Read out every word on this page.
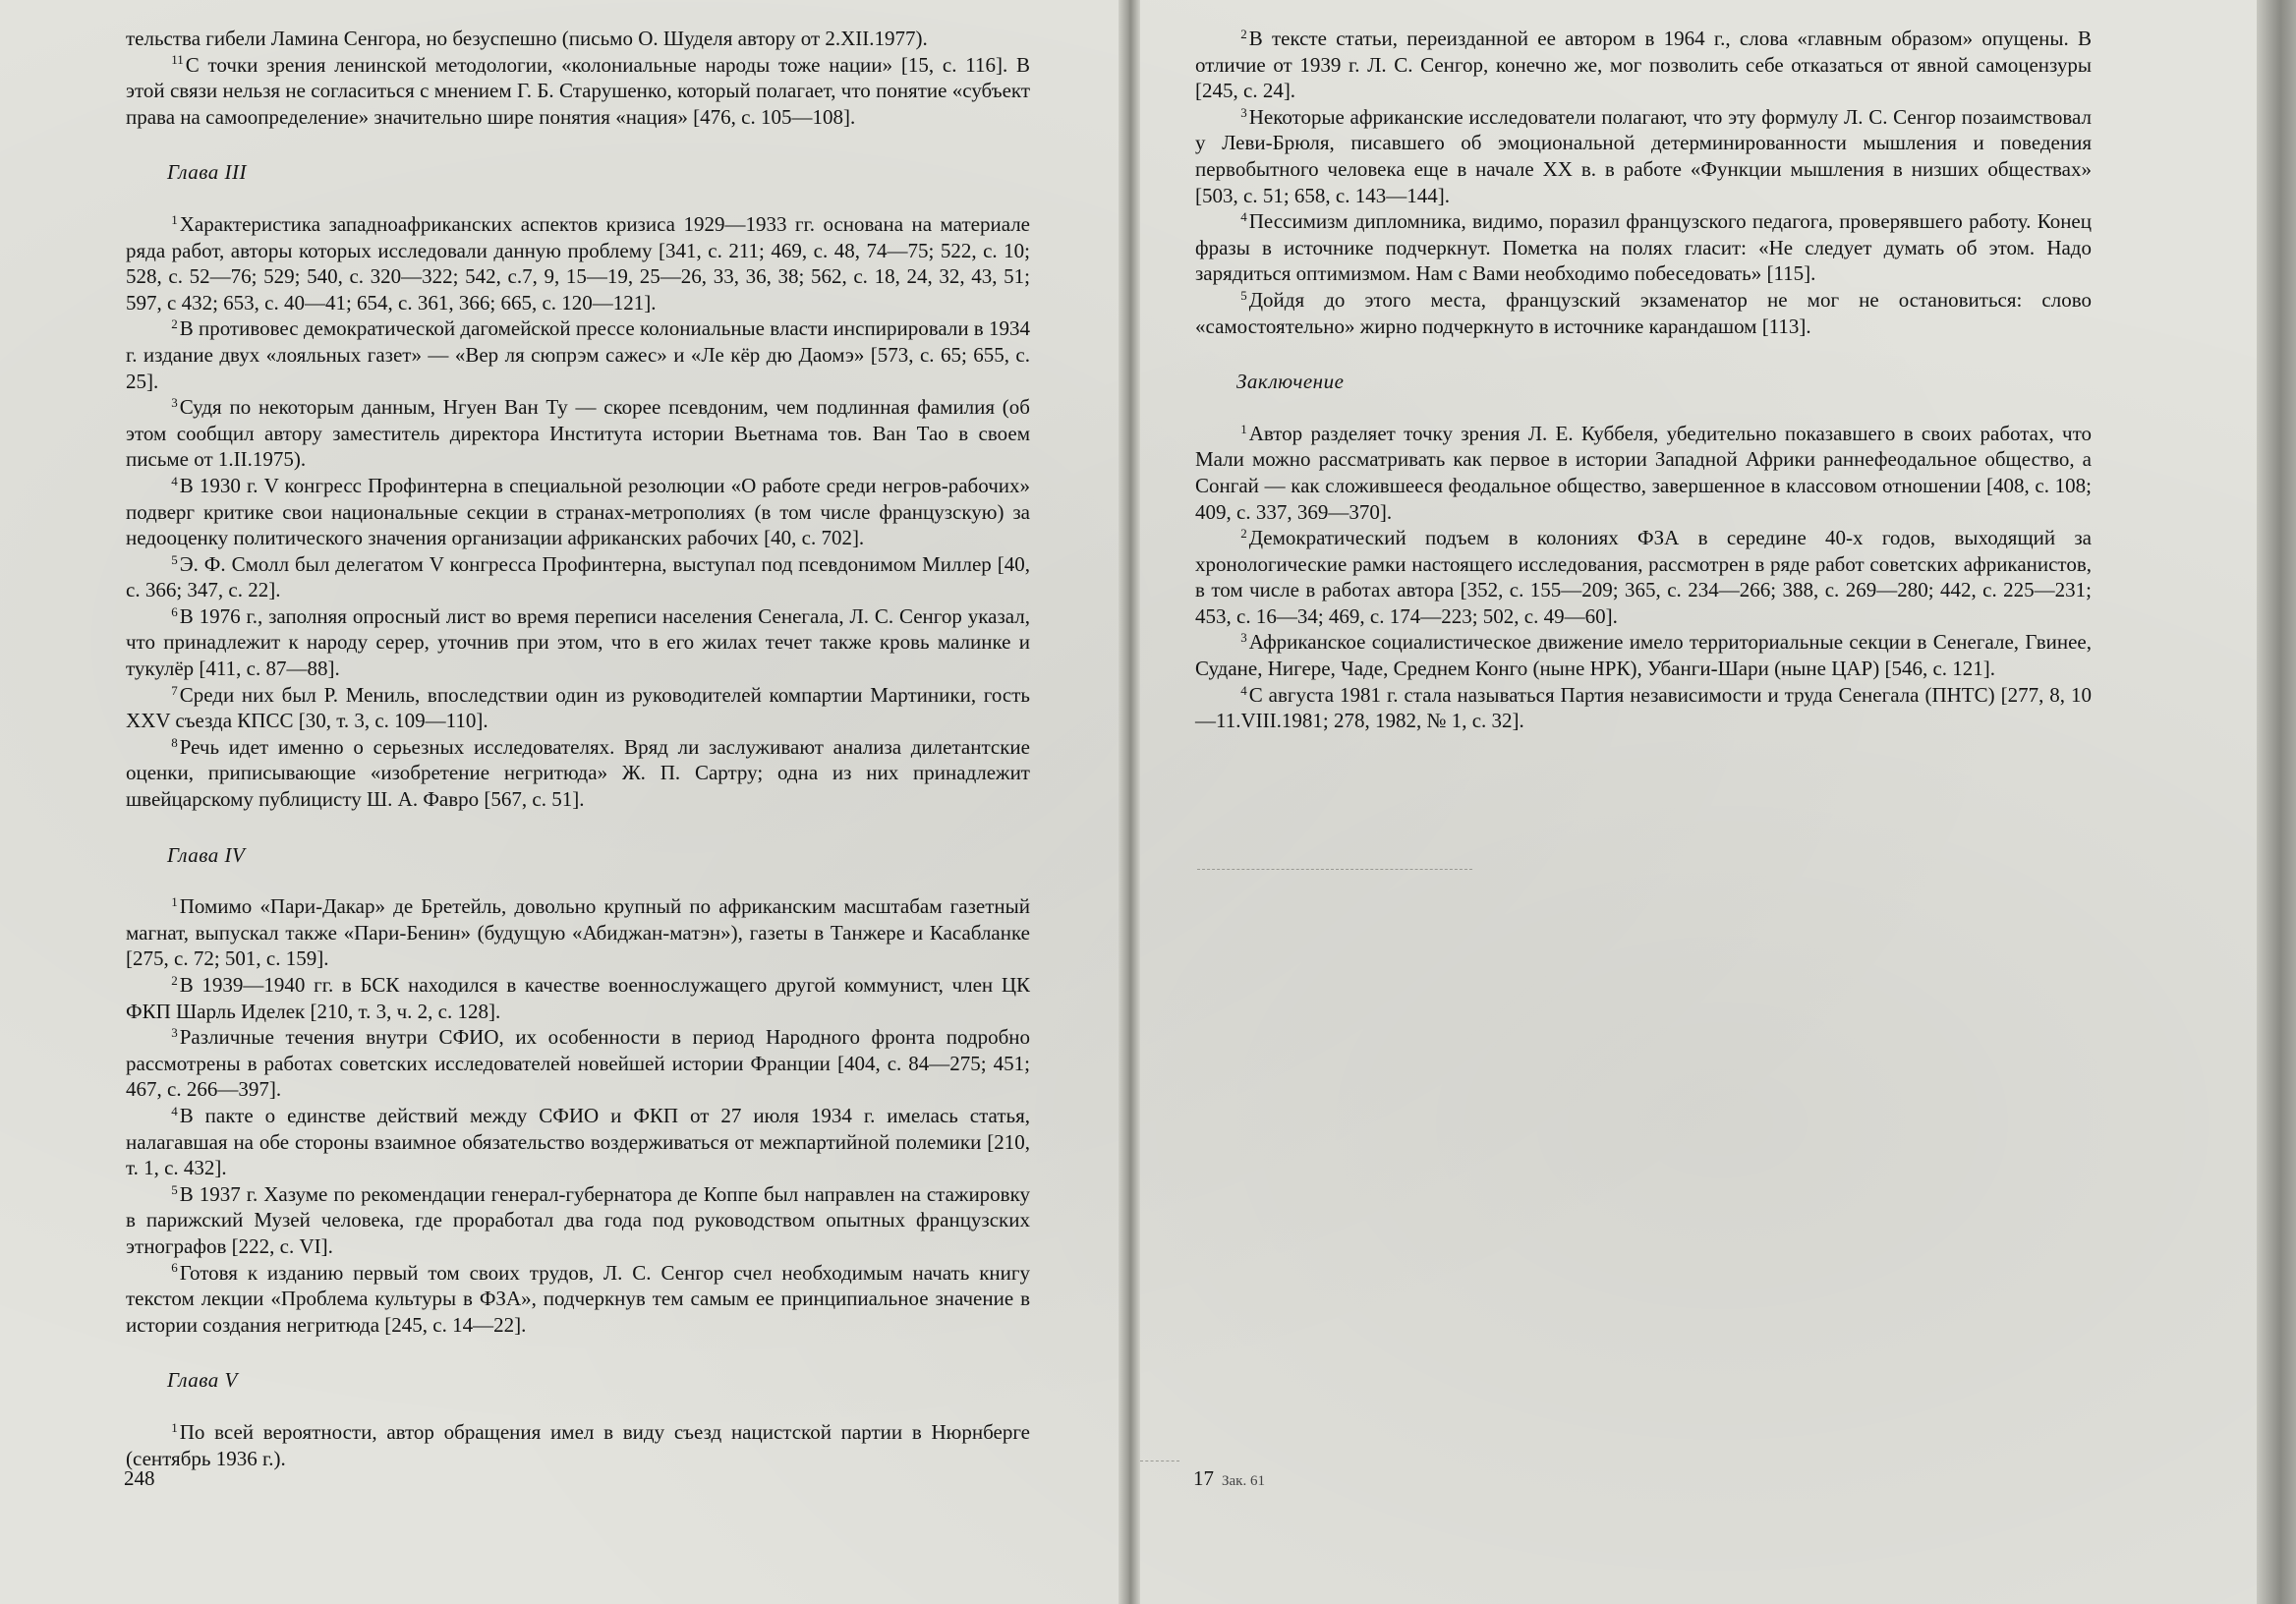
тельства гибели Ламина Сенгора, но безуспешно (письмо О. Шуделя автору от 2.XII.1977).

$^{11}$С точки зрения ленинской методологии, «колониальные народы тоже нации» [15, с. 116]. В этой связи нельзя не согласиться с мнением Г. Б. Старушенко, который полагает, что понятие «субъект права на самоопределение» значительно шире понятия «нация» [476, с. 105—108].

Глава III

$^1$Характеристика западноафриканских аспектов кризиса 1929—1933 гг. основана на материале ряда работ, авторы которых исследовали данную проблему [341, с. 211; 469, с. 48, 74—75; 522, с. 10; 528, с. 52—76; 529; 540, с. 320—322; 542, с.7, 9, 15—19, 25—26, 33, 36, 38; 562, с. 18, 24, 32, 43, 51; 597, с 432; 653, с. 40—41; 654, с. 361, 366; 665, с. 120—121].

$^2$В противовес демократической дагомейской прессе колониальные власти инспирировали в 1934 г. издание двух «лояльных газет» — «Вер ля сюпрэм сажес» и «Ле кёр дю Даомэ» [573, с. 65; 655, с. 25].

$^3$Судя по некоторым данным, Нгуен Ван Ту — скорее псевдоним, чем подлинная фамилия (об этом сообщил автору заместитель директора Института истории Вьетнама тов. Ван Тао в своем письме от 1.II.1975).

$^4$В 1930 г. V конгресс Профинтерна в специальной резолюции «О работе среди негров-рабочих» подверг критике свои национальные секции в странах-метрополиях (в том числе французскую) за недооценку политического значения организации африканских рабочих [40, с. 702].

$^5$Э. Ф. Смолл был делегатом V конгресса Профинтерна, выступал под псевдонимом Миллер [40, с. 366; 347, с. 22].

$^6$В 1976 г., заполняя опросный лист во время переписи населения Сенегала, Л. С. Сенгор указал, что принадлежит к народу серер, уточнив при этом, что в его жилах течет также кровь малинке и тукулёр [411, с. 87—88].

$^7$Среди них был Р. Мениль, впоследствии один из руководителей компартии Мартиники, гость XXV съезда КПСС [30, т. 3, с. 109—110].

$^8$Речь идет именно о серьезных исследователях. Вряд ли заслуживают анализа дилетантские оценки, приписывающие «изобретение негритюда» Ж. П. Сартру; одна из них принадлежит швейцарскому публицисту Ш. А. Фавро [567, с. 51].

Глава IV

$^1$Помимо «Пари-Дакар» де Бретейль, довольно крупный по африканским масштабам газетный магнат, выпускал также «Пари-Бенин» (будущую «Абиджан-матэн»), газеты в Танжере и Касабланке [275, с. 72; 501, с. 159].

$^2$В 1939—1940 гг. в БСК находился в качестве военнослужащего другой коммунист, член ЦК ФКП Шарль Иделек [210, т. 3, ч. 2, с. 128].

$^3$Различные течения внутри СФИО, их особенности в период Народного фронта подробно рассмотрены в работах советских исследователей новейшей истории Франции [404, с. 84—275; 451; 467, с. 266—397].

$^4$В пакте о единстве действий между СФИО и ФКП от 27 июля 1934 г. имелась статья, налагавшая на обе стороны взаимное обязательство воздерживаться от межпартийной полемики [210, т. 1, с. 432].

$^5$В 1937 г. Хазуме по рекомендации генерал-губернатора де Коппе был направлен на стажировку в парижский Музей человека, где проработал два года под руководством опытных французских этнографов [222, с. VI].

$^6$Готовя к изданию первый том своих трудов, Л. С. Сенгор счел необходимым начать книгу текстом лекции «Проблема культуры в ФЗА», подчеркнув тем самым ее принципиальное значение в истории создания негритюда [245, с. 14—22].

Глава V

$^1$По всей вероятности, автор обращения имел в виду съезд нацистской партии в Нюрнберге (сентябрь 1936 г.).

248

$^2$В тексте статьи, переизданной ее автором в 1964 г., слова «главным образом» опущены. В отличие от 1939 г. Л. С. Сенгор, конечно же, мог позволить себе отказаться от явной самоцензуры [245, с. 24].

$^3$Некоторые африканские исследователи полагают, что эту формулу Л. С. Сенгор позаимствовал у Леви-Брюля, писавшего об эмоциональной детерминированности мышления и поведения первобытного человека еще в начале XX в. в работе «Функции мышления в низших обществах» [503, с. 51; 658, с. 143—144].

$^4$Пессимизм дипломника, видимо, поразил французского педагога, проверявшего работу. Конец фразы в источнике подчеркнут. Пометка на полях гласит: «Не следует думать об этом. Надо зарядиться оптимизмом. Нам с Вами необходимо побеседовать» [115].

$^5$Дойдя до этого места, французский экзаменатор не мог не остановиться: слово «самостоятельно» жирно подчеркнуто в источнике карандашом [113].

Заключение

$^1$Автор разделяет точку зрения Л. Е. Куббеля, убедительно показавшего в своих работах, что Мали можно рассматривать как первое в истории Западной Африки раннефеодальное общество, а Сонгай — как сложившееся феодальное общество, завершенное в классовом отношении [408, с. 108; 409, с. 337, 369—370].

$^2$Демократический подъем в колониях ФЗА в середине 40-х годов, выходящий за хронологические рамки настоящего исследования, рассмотрен в ряде работ советских африканистов, в том числе в работах автора [352, с. 155—209; 365, с. 234—266; 388, с. 269—280; 442, с. 225—231; 453, с. 16—34; 469, с. 174—223; 502, с. 49—60].

$^3$Африканское социалистическое движение имело территориальные секции в Сенегале, Гвинее, Судане, Нигере, Чаде, Среднем Конго (ныне НРК), Убанги-Шари (ныне ЦАР) [546, с. 121].

$^4$С августа 1981 г. стала называться Партия независимости и труда Сенегала (ПНТС) [277, 8, 10—11.VIII.1981; 278, 1982, № 1, с. 32].

17 Зак. 61
